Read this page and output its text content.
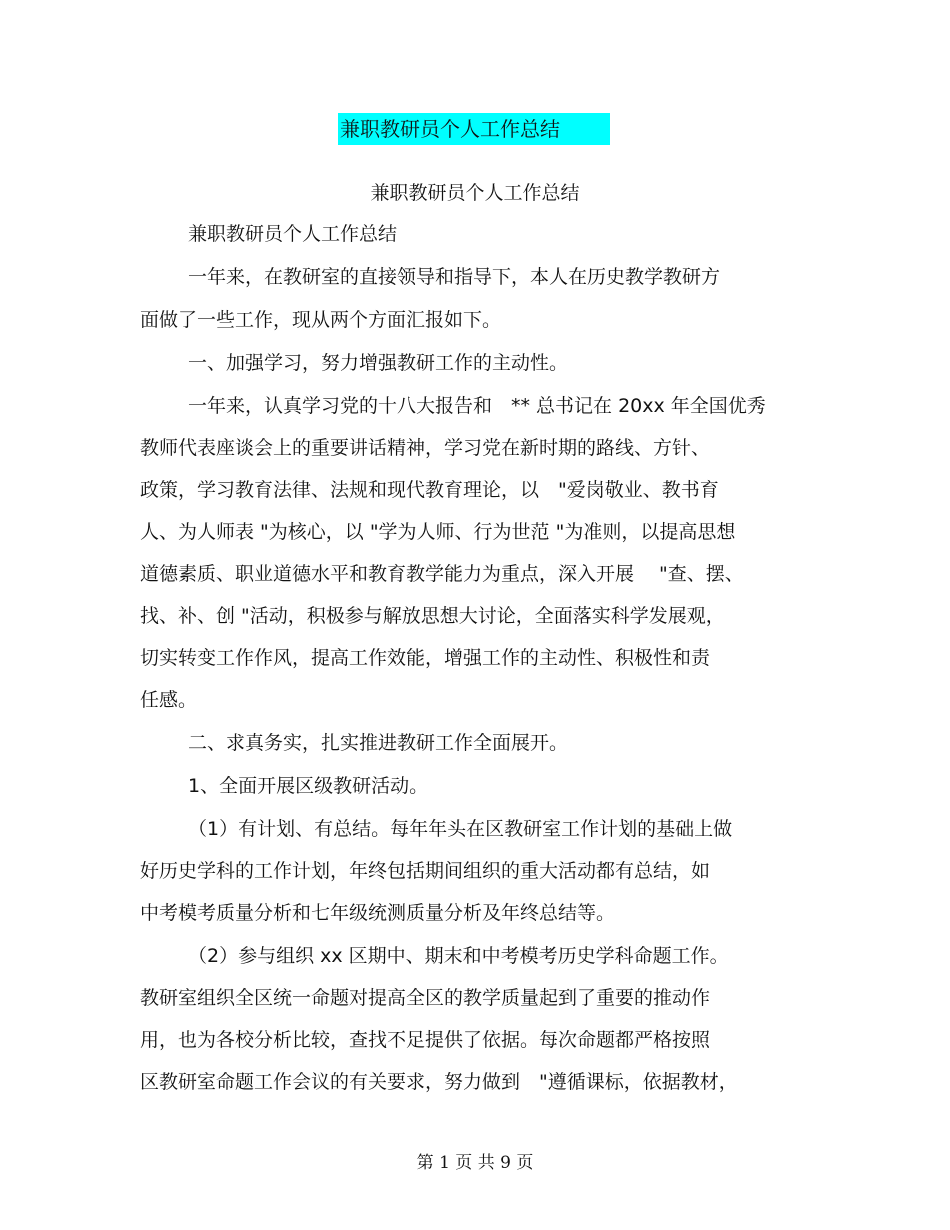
兼职教研员个人工作总结
兼职教研员个人工作总结
兼职教研员个人工作总结
一年来，在教研室的直接领导和指导下，本人在历史教学教研方
面做了一些工作，现从两个方面汇报如下。
一、加强学习，努力增强教研工作的主动性。
一年来，认真学习党的十八大报告和　** 总书记在 20xx 年全国优秀
教师代表座谈会上的重要讲话精神，学习党在新时期的路线、方针、
政策，学习教育法律、法规和现代教育理论，以　"爱岗敬业、教书育
人、为人师表 "为核心，以 "学为人师、行为世范 "为准则，以提高思想
道德素质、职业道德水平和教育教学能力为重点，深入开展　 "查、摆、
找、补、创 "活动，积极参与解放思想大讨论，全面落实科学发展观，
切实转变工作作风，提高工作效能，增强工作的主动性、积极性和责
任感。
二、求真务实，扎实推进教研工作全面展开。
1、全面开展区级教研活动。
（1）有计划、有总结。每年年头在区教研室工作计划的基础上做
好历史学科的工作计划，年终包括期间组织的重大活动都有总结，如
中考模考质量分析和七年级统测质量分析及年终总结等。
（2）参与组织 xx 区期中、期末和中考模考历史学科命题工作。
教研室组织全区统一命题对提高全区的教学质量起到了重要的推动作
用，也为各校分析比较，查找不足提供了依据。每次命题都严格按照
区教研室命题工作会议的有关要求，努力做到　"遵循课标，依据教材，
第 1 页 共 9 页
